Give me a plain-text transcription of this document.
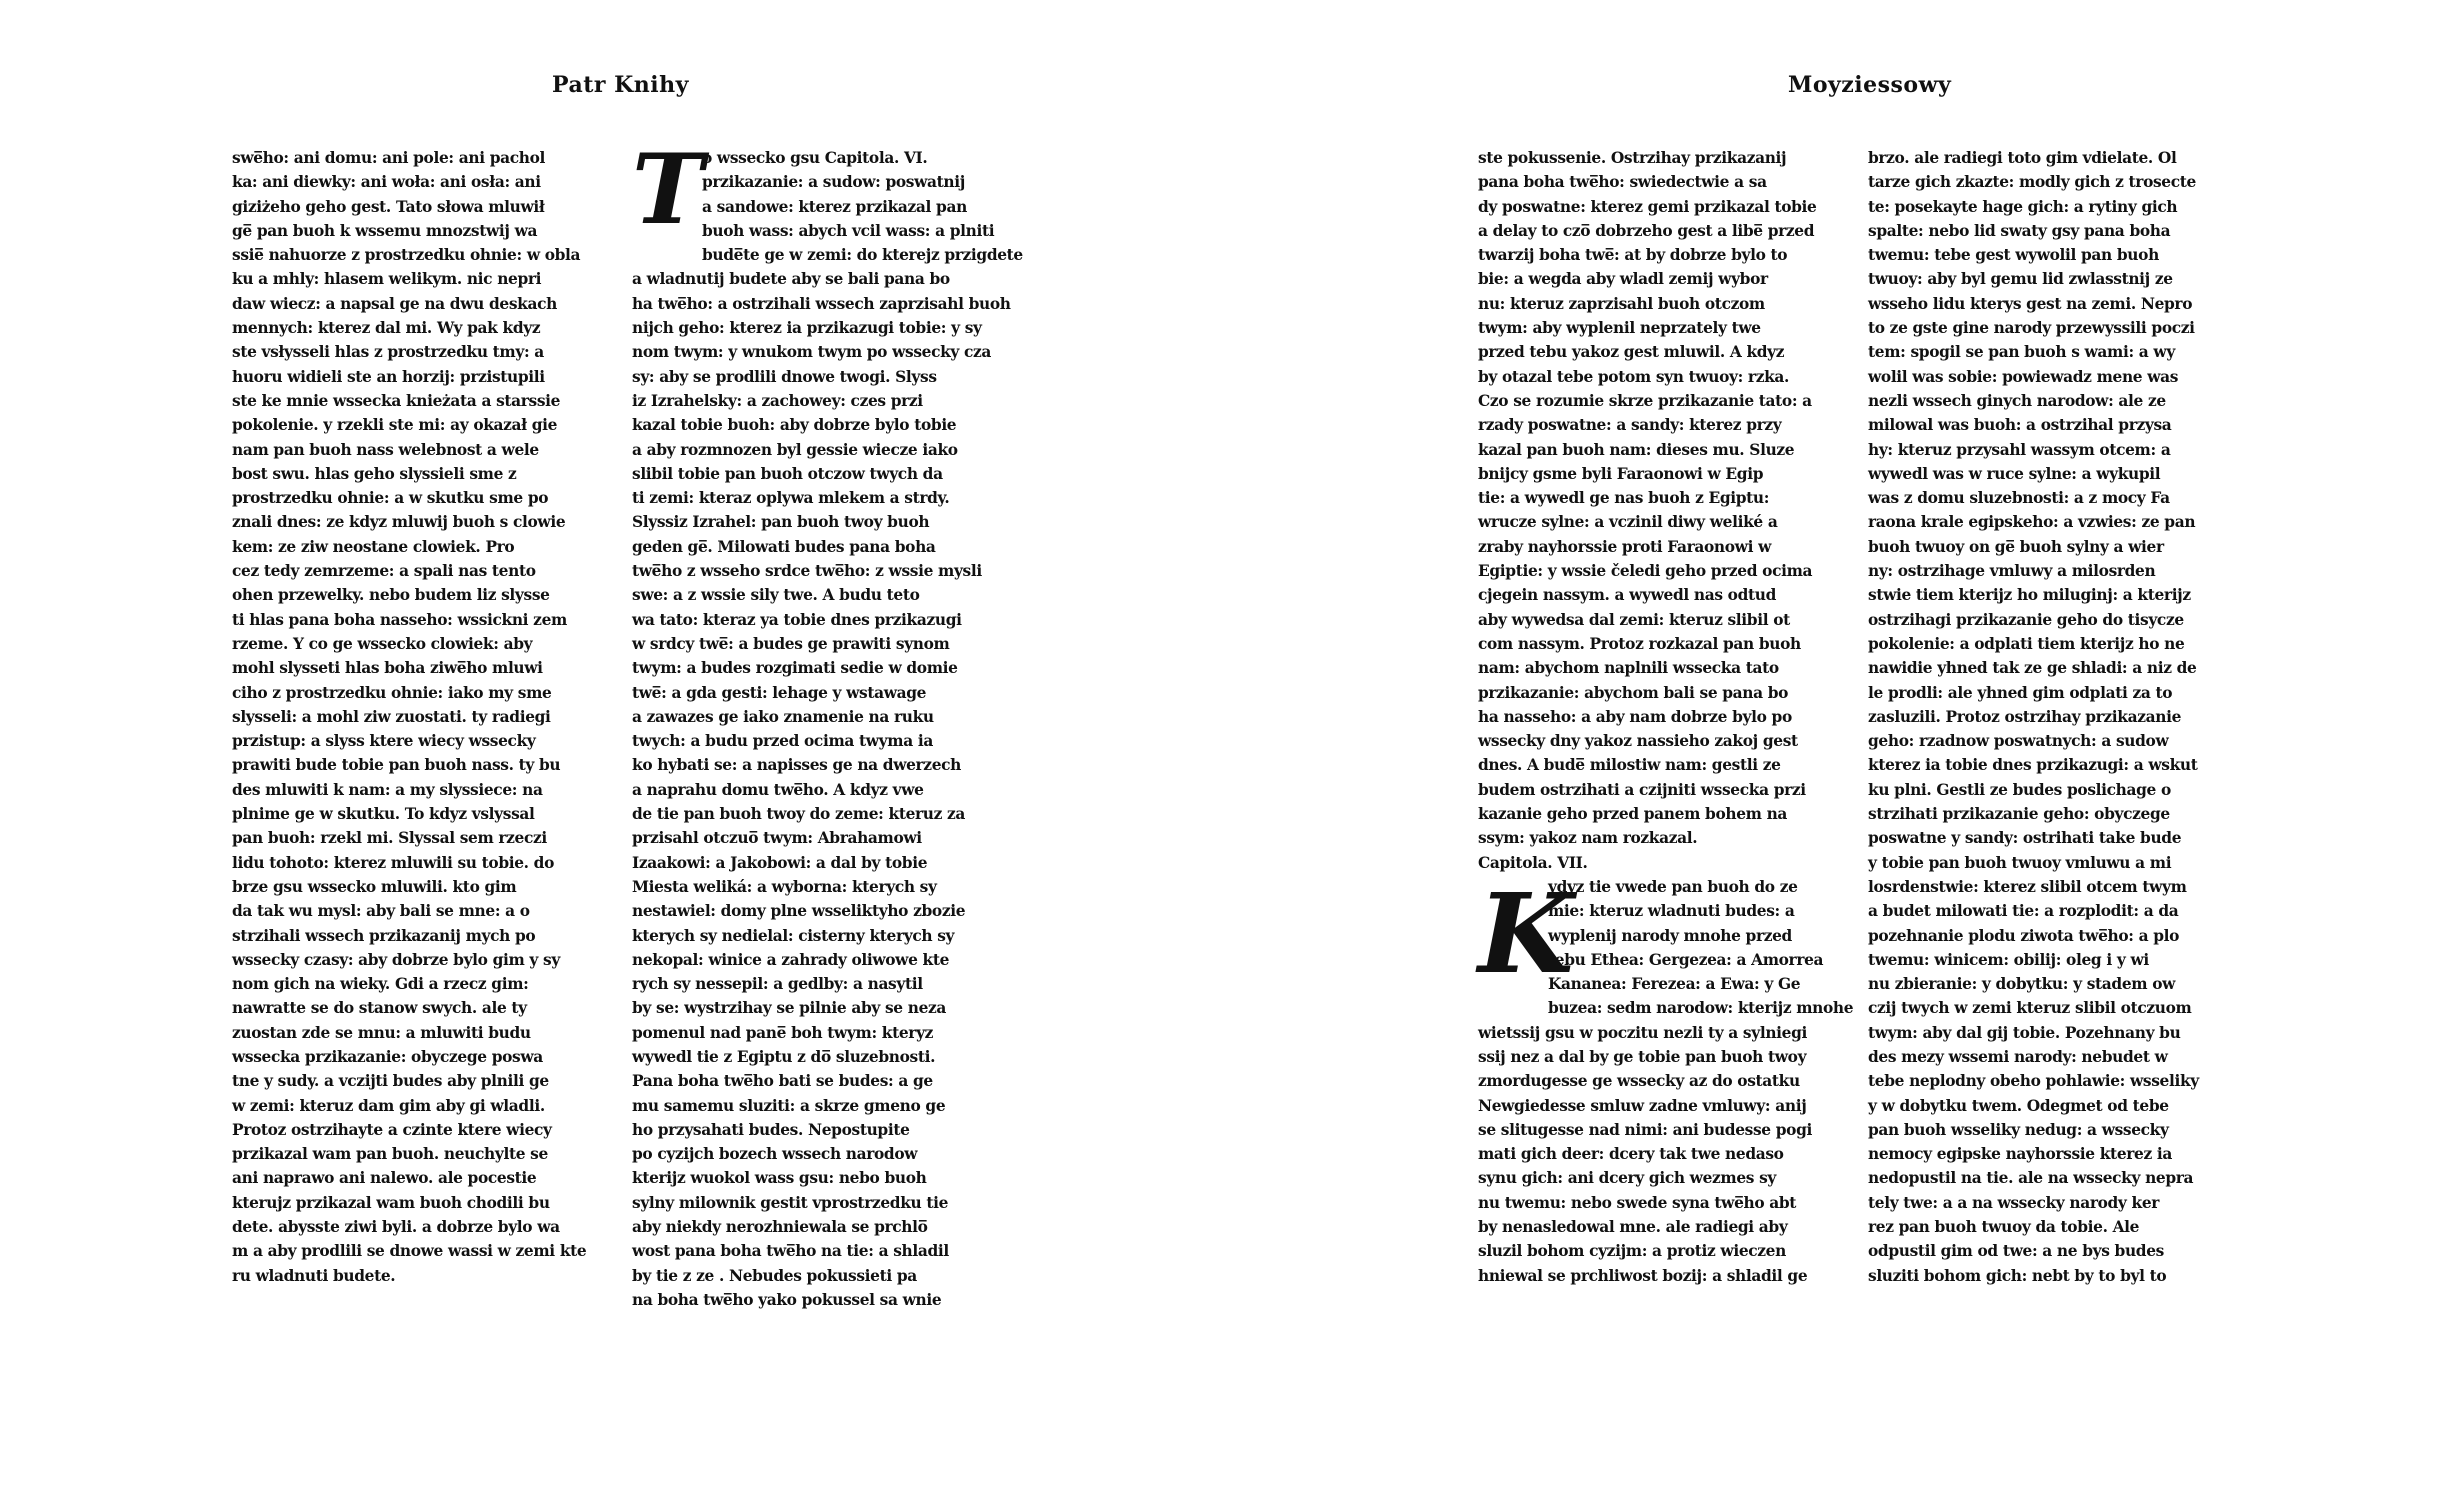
Patr Knihy	Moyziessowy
swe̅ho: ani domu: ani pole: ani pachol
ka: ani diewky: ani woła: ani osła: ani
giziżeho geho gest. Tato słowa mluwił
ge̅ pan buoh k wssemu mnozstwij wa
ssie̅ nahuorze z prostrzedku ohnie: w obla
ku a mhly: hlasem welikym. nic nepri
daw wiecz: a napsal ge na dwu deskach
mennych: kterez dal mi. Wy pak kdyz
ste vsłysseli hlas z prostrzedku tmy: a
huoru widieli ste an horzij: przistupili
ste ke mnie wssecka knieżata a starssie
pokolenie. y rzekli ste mi: ay okazał gie
nam pan buoh nass welebnost a wele
bost swu. hlas geho slyssieli sme z
prostrzedku ohnie: a w skutku sme po
znali dnes: ze kdyz mluwij buoh s clowie
kem: ze ziw neostane clowiek. Pro
cez tedy zemrzeme: a spali nas tento
ohen przewelky. nebo budem liz slysse
ti hlas pana boha nasseho: wssickni zem
rzeme. Y co ge wssecko clowiek: aby
mohl slysseti hlas boha ziwe̅ho mluwi
ciho z prostrzedku ohnie: iako my sme
slysseli: a mohl ziw zuostati. ty radiegi
przistup: a slyss ktere wiecy wssecky
prawiti bude tobie pan buoh nass. ty bu
des mluwiti k nam: a my slyssiece: na
plnime ge w skutku. To kdyz vslyssal
pan buoh: rzekl mi. Slyssal sem rzeczi
lidu tohoto: kterez mluwili su tobie. do
brze gsu wssecko mluwili. kto gim
da tak wu mysl: aby bali se mne: a o
strzihali wssech przikazanij mych po
wssecky czasy: aby dobrze bylo gim y sy
nom gich na wieky. Gdi a rzecz gim:
nawratte se do stanow swych. ale ty
zuostan zde se mnu: a mluwiti budu
wssecka przikazanie: obyczege poswa
tne y sudy. a vczijti budes aby plnili ge
w zemi: kteruz dam gim aby gi wladli.
Protoz ostrzihayte a czinte ktere wiecy
przikazal wam pan buoh. neuchylte se
ani naprawo ani nalewo. ale pocestie
kterujz przikazal wam buoh chodili bu
dete. abysste ziwi byli. a dobrze bylo wa
m a aby prodlili se dnowe wassi w zemi kte
ru wladnuti budete.
T
o wssecko gsu Capitola. VI.
przikazanie: a sudow: poswatnij
a sandowe: kterez przikazal pan
buoh wass: abych vcil wass: a plniti
bude̅te ge w zemi: do kterejz przigdete
a wladnutij budete aby se bali pana bo
ha twe̅ho: a ostrzihali wssech zaprzisahl buoh
nijch geho: kterez ia przikazugi tobie: y sy
nom twym: y wnukom twym po wssecky cza
sy: aby se prodlili dnowe twogi. Slyss
iz Izrahelsky: a zachowey: czes przi
kazal tobie buoh: aby dobrze bylo tobie
a aby rozmnozen byl gessie wiecze iako
slibil tobie pan buoh otczow twych da
ti zemi: kteraz oplywa mlekem a strdy.
Slyssiz Izrahel: pan buoh twoy buoh
geden ge̅. Milowati budes pana boha
twe̅ho z wsseho srdce twe̅ho: z wssie mysli
swe: a z wssie sily twe. A budu teto
wa tato: kteraz ya tobie dnes przikazugi
w srdcy twe̅: a budes ge prawiti synom
twym: a budes rozgimati sedie w domie
twe̅: a gda gesti: lehage y wstawage
a zawazes ge iako znamenie na ruku
twych: a budu przed ocima twyma ia
ko hybati se: a napisses ge na dwerzech
a naprahu domu twe̅ho. A kdyz vwe
de tie pan buoh twoy do zeme: kteruz za
przisahl otczuo̅ twym: Abrahamowi
Izaakowi: a Jakobowi: a dal by tobie
Miesta weliká: a wybornа: kterych sy
nestawiel: domy plne wsseliktyho zbozie
kterych sy nedielal: cisterny kterych sy
nekopal: winice a zahrady oliwowe kte
rych sy nessepil: a gedlby: a nasytil
by se: wystrzihay se pilnie aby se neza
pomenul nad pane̅ boh twym: kteryz
wywedl tie z Egiptu z do̅ sluzebnosti.
Pana boha twe̅ho bati se budes: a ge
mu samemu sluziti: a skrze gmeno ge
ho przysahati budes. Nepostupite
po cyzijch bozech wssech narodow
kterijz wuokol wass gsu: nebo buoh
sylny milownik gestit vprostrzedku tie
aby niekdy nerozhniewala se prchlo̅
wost pana boha twe̅ho na tie: a shladil
by tie z ze . Nebudes pokussieti pa
na boha twe̅ho yako pokussel sa wnie
ste pokussenie. Ostrzihay przikazanij
pana boha twe̅ho: swiedectwie a sa
dy poswatne: kterez gemi przikazal tobie
a delay to czo̅ dobrzeho gest a libe̅ przed
twarzij boha twe̅: at by dobrze bylo to
bie: a wegda aby wladl zemij wybor
nu: kteruz zaprzisahl buoh otczom
twym: aby wyplenil neprzately twe
przed tebu yakoz gest mluwil. A kdyz
by otazal tebe potom syn twuoy: rzka.
Czo se rozumie skrze przikazanie tato: a
rzady poswatne: a sandy: kterez przy
kazal pan buoh nam: dieses mu. Sluze
bnijcy gsme byli Faraonowi w Egip
tie: a wywedl ge nas buoh z Egiptu:
wrucze sylne: a vczinil diwy weliké a
zraby nayhorssie proti Faraonowi w
Egiptie: y wssie čeledi geho przed ocima
cjegein nassym. a wywedl nas odtud
aby wywedsa dal zemi: kteruz slibil ot
com nassym. Protoz rozkazal pan buoh
nam: abychom naplnili wssecka tato
przikazanie: abychom bali se pana bo
ha nasseho: a aby nam dobrze bylo po
wssecky dny yakoz nassieho zakoj gest
dnes. A bude̅ milostiw nam: gestli ze
budem ostrzihati a czijniti wssecka przi
kazanie geho przed panem bohem na
ssym: yakoz nam rozkazal.
Capitola. VII.
K
ydyz tie vwede pan buoh do ze
mie: kteruz wladnuti budes: a
wyplenij narody mnohe przed
tebu Etheа: Gergezea: a Amorrea
Kananea: Ferezea: a Ewa: y Ge
buzea: sedm narodow: kterijz mnohe
wietssij gsu w poczitu nezli ty a sylniegi
ssij nez a dal by ge tobie pan buoh twoy
zmordugesse ge wssecky az do ostatku
Newgiedesse smluw zadne vmluwy: anij
se slitugesse nad nimi: ani budesse pogi
mati gich deer: dcery tak twe nedaso
synu gich: ani dcery gich wezmes sy
nu twemu: nebo swede syna twe̅ho abt
by nenasledowal mne. ale radiegi aby
sluzil bohom cyzijm: a protiz wieczen
hniewal se prchliwost bozij: a shladil ge
brzo. ale radiegi toto gim vdielate. Ol
tarze gich zkazte: modly gich z trosecte
te: posekayte hage gich: a rytiny gich
spalte: nebo lid swaty gsy pana boha
twemu: tebe gest wywolil pan buoh
twuoy: aby byl gemu lid zwlasstnij ze
wsseho lidu kterys gest na zemi. Nepro
to ze gste gine narody przewyssili poczi
tem: spogil se pan buoh s wami: a wy
wolil was sobie: powiewadz mene was
nezli wssech ginych narodow: ale ze
milowal was buoh: a ostrzihal przysa
hy: kteruz przysahl wassym otcem: a
wywedl was w ruce sylne: a wykupil
was z domu sluzebnosti: a z mocy Fa
raona krale egipskeho: a vzwies: ze pan
buoh twuoy on ge̅ buoh sylny a wier
ny: ostrzihage vmluwy a milosrden
stwie tiem kterijz ho miluginj: a kterijz
ostrzihagi przikazanie geho do tisycze
pokolenie: a odplati tiem kterijz ho ne
nawidie yhned tak ze ge shladi: a niz de
le prodli: ale yhned gim odplati za to
zasluzili. Protoz ostrzihay przikazanie
geho: rzadnow poswatnych: a sudow
kterez ia tobie dnes przikazugi: a wskut
ku plni. Gestli ze budes poslichage o
strzihati przikazanie geho: obyczege
poswatne y sandy: ostrihati take bude
y tobie pan buoh twuoy vmluwu a mi
losrdenstwie: kterez slibil otcem twym
a budet milowati tie: a rozplodit: a da
pozehnanie plodu ziwota twe̅ho: a plo
twemu: winicem: obilij: oleg i y wi
nu zbieranie: y dobytku: y stadem ow
czij twych w zemi kteruz slibil otczuom
twym: aby dal gij tobie. Pozehnany bu
des mezy wssemi narody: nebudet w
tebe neplodny obeho pohlawie: wsseliky
y w dobytku twem. Odegmet od tebe
pan buoh wsseliky nedug: a wssecky
nemocy egipske nayhorssie kterez ia
nedopustil na tie. ale na wssecky nepra
tely twe: a a na wssecky narody ker
rez pan buoh twuoy da tobie. Ale
odpustil gim od twe: a ne bys budes
sluziti bohom gich: nebt by to byl to
